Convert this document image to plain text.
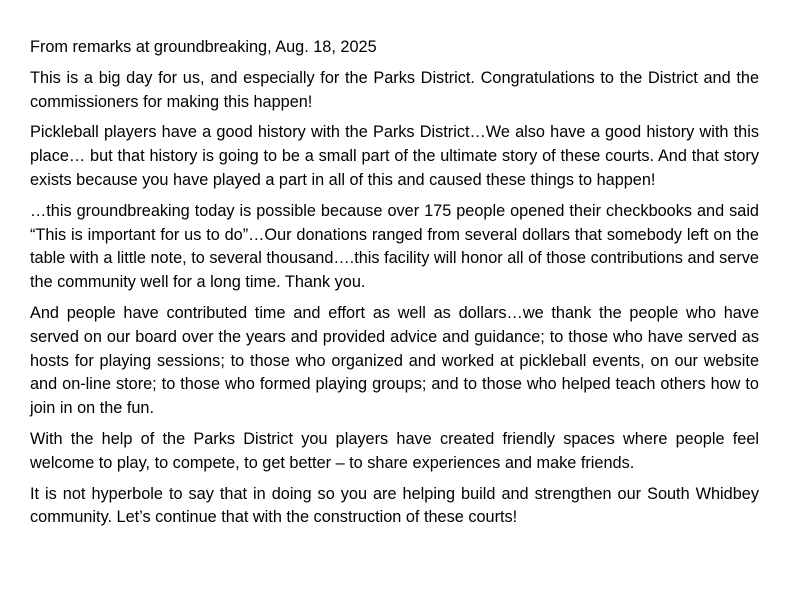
From remarks at groundbreaking, Aug. 18, 2025

This is a big day for us, and especially for the Parks District. Congratulations to the District and the commissioners for making this happen!

Pickleball players have a good history with the Parks District…We also have a good history with this place… but that history is going to be a small part of the ultimate story of these courts. And that story exists because you have played a part in all of this and caused these things to happen!

…this groundbreaking today is possible because over 175 people opened their checkbooks and said “This is important for us to do”…Our donations ranged from several dollars that somebody left on the table with a little note, to several thousand….this facility will honor all of those contributions and serve the community well for a long time. Thank you.

And people have contributed time and effort as well as dollars…we thank the people who have served on our board over the years and provided advice and guidance; to those who have served as hosts for playing sessions; to those who organized and worked at pickleball events, on our website and on-line store; to those who formed playing groups; and to those who helped teach others how to join in on the fun.

With the help of the Parks District you players have created friendly spaces where people feel welcome to play, to compete, to get better – to share experiences and make friends.

It is not hyperbole to say that in doing so you are helping build and strengthen our South Whidbey community. Let’s continue that with the construction of these courts!
